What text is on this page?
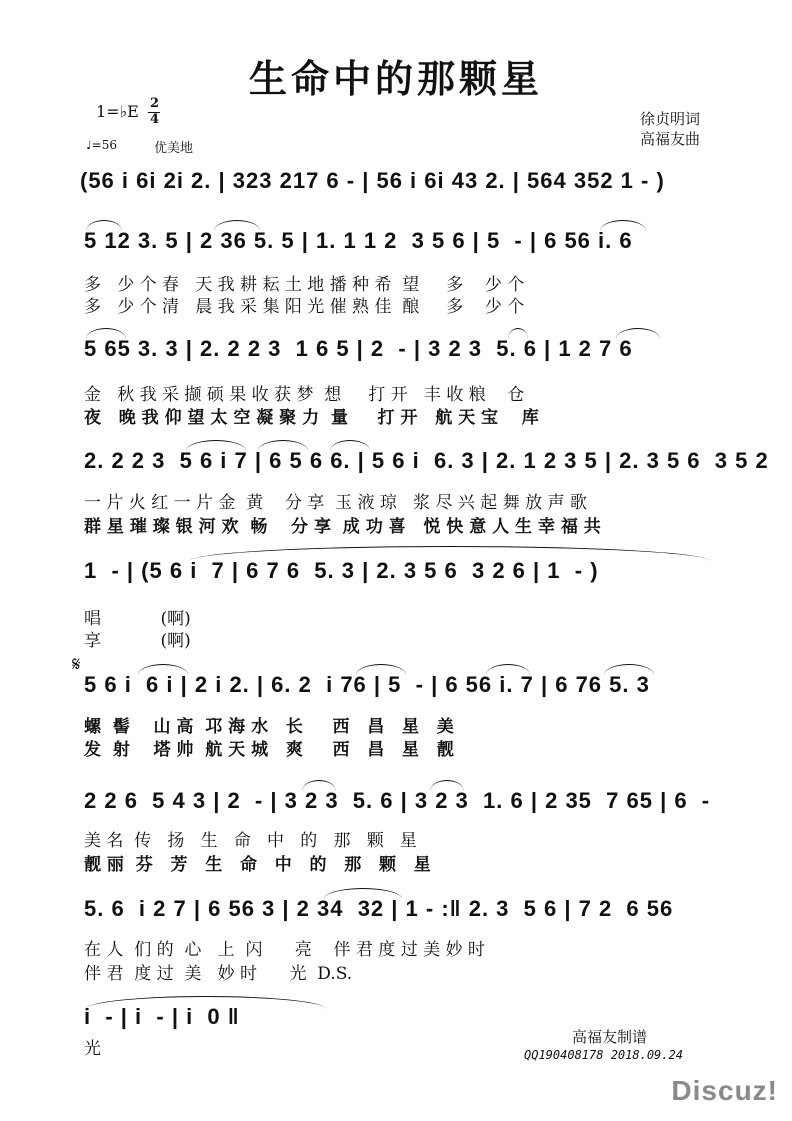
生命中的那颗星
1=♭E 2
4
♩=56	优美地
徐贞明词
高福友曲
(56 i 6i 2i 2. | 323 217 6 - | 56 i 6i 43 2. | 564 352 1 - )
5 12 3. 5 | 2 36 5. 5 | 1. 1 1 2  3 5 6 | 5  - | 6 56 i. 6
多   少 个 春   天 我 耕 耘 土 地 播 种 希  望     多    少 个
多   少 个 清   晨 我 采 集 阳 光 催 熟 佳  酿     多    少 个
5 65 3. 3 | 2. 2 2 3  1 6 5 | 2  - | 3 2 3  5. 6 | 1 2 7 6
金   秋 我 采 撷 硕 果 收 获 梦  想     打 开   丰 收 粮    仓
夜   晚 我 仰 望 太 空 凝 聚 力  量     打 开   航 天 宝    库
2. 2 2 3  5 6 i 7 | 6 5 6 6. | 5 6 i  6. 3 | 2. 1 2 3 5 | 2. 3 5 6  3 5 2
一 片 火 红 一 片 金  黄    分 享  玉 液 琼   浆 尽 兴 起 舞 放 声 歌
群 星 璀 璨 银 河 欢  畅    分 享  成 功 喜   悦 快 意 人 生 幸 福 共
1  - | (5 6 i  7 | 6 7 6  5. 3 | 2. 3 5 6  3 2 6 | 1  - )
唱           (啊)
享           (啊)
𝄋
5 6 i  6 i | 2 i 2. | 6. 2  i 76 | 5  - | 6 56 i. 7 | 6 76 5. 3
螺  髻    山 高  邛 海 水   长     西   昌   星   美
发  射    塔 帅  航 天 城   爽     西   昌   星   靓
2 2 6  5 4 3 | 2  - | 3 2 3  5. 6 | 3 2 3  1. 6 | 2 35  7 65 | 6  -
美 名  传   扬   生   命   中   的   那   颗   星
靓 丽  芬   芳   生   命   中   的   那   颗   星
5. 6  i 2 7 | 6 56 3 | 2 34  32 | 1 - :‖ 2. 3  5 6 | 7 2  6 56
在 人  们 的  心   上  闪      亮    伴 君 度 过 美 妙 时
伴 君  度 过  美   妙 时      光  D.S.
i  - | i  - | i  0 ‖
光
高福友制谱
QQ190408178 2018.09.24
Discuz!
